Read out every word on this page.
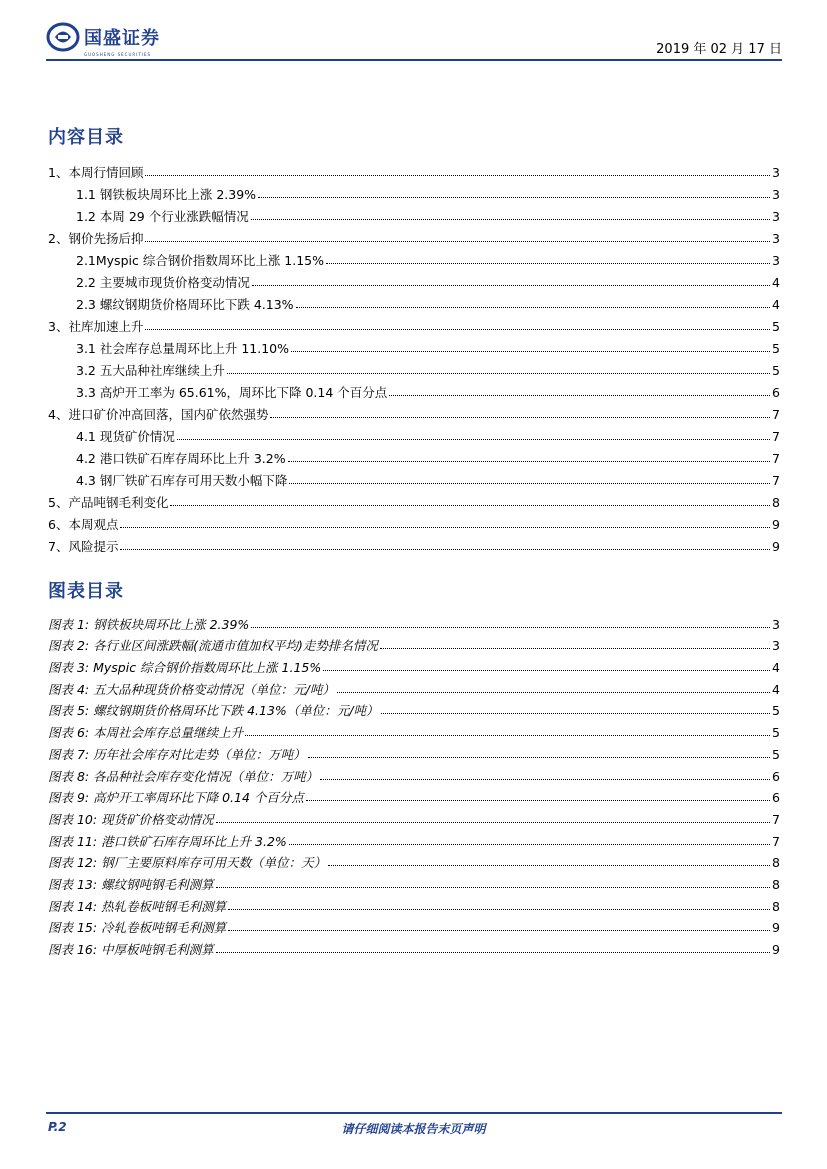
国盛证券
GUOSHENG SECURITIES	2019 年 02 月 17 日
内容目录
1、本周行情回顾	3
1.1 钢铁板块周环比上涨 2.39%	3
1.2 本周 29 个行业涨跌幅情况	3
2、钢价先扬后抑	3
2.1Myspic 综合钢价指数周环比上涨 1.15%	3
2.2 主要城市现货价格变动情况	4
2.3 螺纹钢期货价格周环比下跌 4.13%	4
3、社库加速上升	5
3.1 社会库存总量周环比上升 11.10%	5
3.2 五大品种社库继续上升	5
3.3 高炉开工率为 65.61%，周环比下降 0.14 个百分点	6
4、进口矿价冲高回落，国内矿依然强势	7
4.1 现货矿价情况	7
4.2 港口铁矿石库存周环比上升 3.2%	7
4.3 钢厂铁矿石库存可用天数小幅下降	7
5、产品吨钢毛利变化	8
6、本周观点	9
7、风险提示	9
图表目录
图表 1: 钢铁板块周环比上涨 2.39%	3
图表 2: 各行业区间涨跌幅(流通市值加权平均)走势排名情况	3
图表 3: Myspic 综合钢价指数周环比上涨 1.15%	4
图表 4: 五大品种现货价格变动情况（单位：元/吨）	4
图表 5: 螺纹钢期货价格周环比下跌 4.13%（单位：元/吨）	5
图表 6: 本周社会库存总量继续上升	5
图表 7: 历年社会库存对比走势（单位：万吨）	5
图表 8: 各品种社会库存变化情况（单位：万吨）	6
图表 9: 高炉开工率周环比下降 0.14 个百分点	6
图表 10: 现货矿价格变动情况	7
图表 11: 港口铁矿石库存周环比上升 3.2%	7
图表 12: 钢厂主要原料库存可用天数（单位：天）	8
图表 13: 螺纹钢吨钢毛利测算	8
图表 14: 热轧卷板吨钢毛利测算	8
图表 15: 冷轧卷板吨钢毛利测算	9
图表 16: 中厚板吨钢毛利测算	9
请仔细阅读本报告末页声明
P.2
